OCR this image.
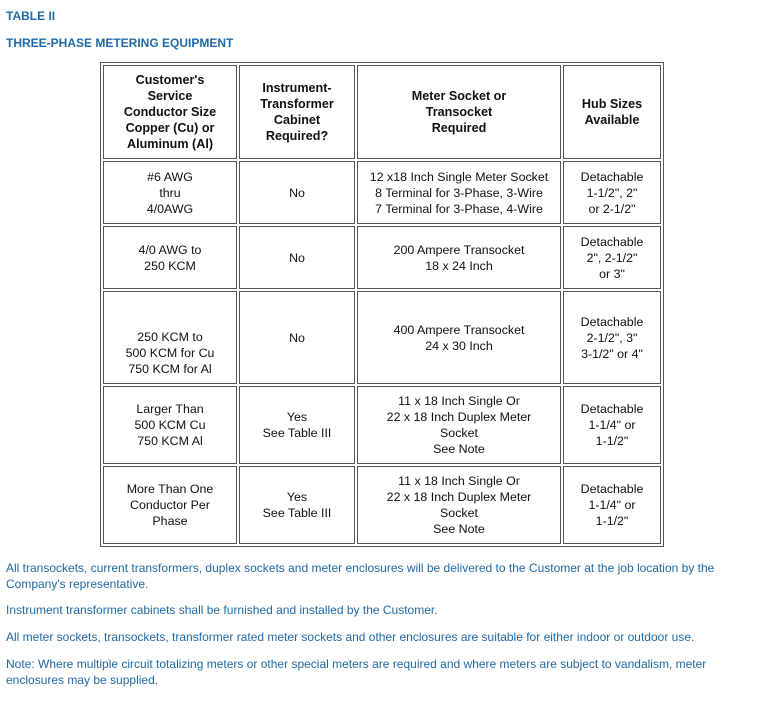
TABLE II
THREE-PHASE METERING EQUIPMENT
Customer's
Service
Conductor Size
Copper (Cu) or
Aluminum (Al)	Instrument-
Transformer
Cabinet
Required?	Meter Socket or
Transocket
Required	Hub Sizes
Available

#6 AWG
thru
4/0AWG	No	12 x18 Inch Single Meter Socket
8 Terminal for 3-Phase, 3-Wire
7 Terminal for 3-Phase, 4-Wire	Detachable
1-1/2", 2"
or 2-1/2"

4/0 AWG to
250 KCM	No	200 Ampere Transocket
18 x 24 Inch	Detachable
2", 2-1/2"
or 3"

250 KCM to
500 KCM for Cu
750 KCM for Al	No	400 Ampere Transocket
24 x 30 Inch	Detachable
2-1/2", 3"
3-1/2" or 4"

Larger Than
500 KCM Cu
750 KCM Al	Yes
See Table III	11 x 18 Inch Single Or
22 x 18 Inch Duplex Meter
Socket
See Note	Detachable
1-1/4" or
1-1/2"

More Than One
Conductor Per
Phase	Yes
See Table III	11 x 18 Inch Single Or
22 x 18 Inch Duplex Meter
Socket
See Note	Detachable
1-1/4" or
1-1/2"

All transockets, current transformers, duplex sockets and meter enclosures will be delivered to the Customer at the job location by the Company's representative.

Instrument transformer cabinets shall be furnished and installed by the Customer.

All meter sockets, transockets, transformer rated meter sockets and other enclosures are suitable for either indoor or outdoor use.

Note: Where multiple circuit totalizing meters or other special meters are required and where meters are subject to vandalism, meter enclosures may be supplied.
